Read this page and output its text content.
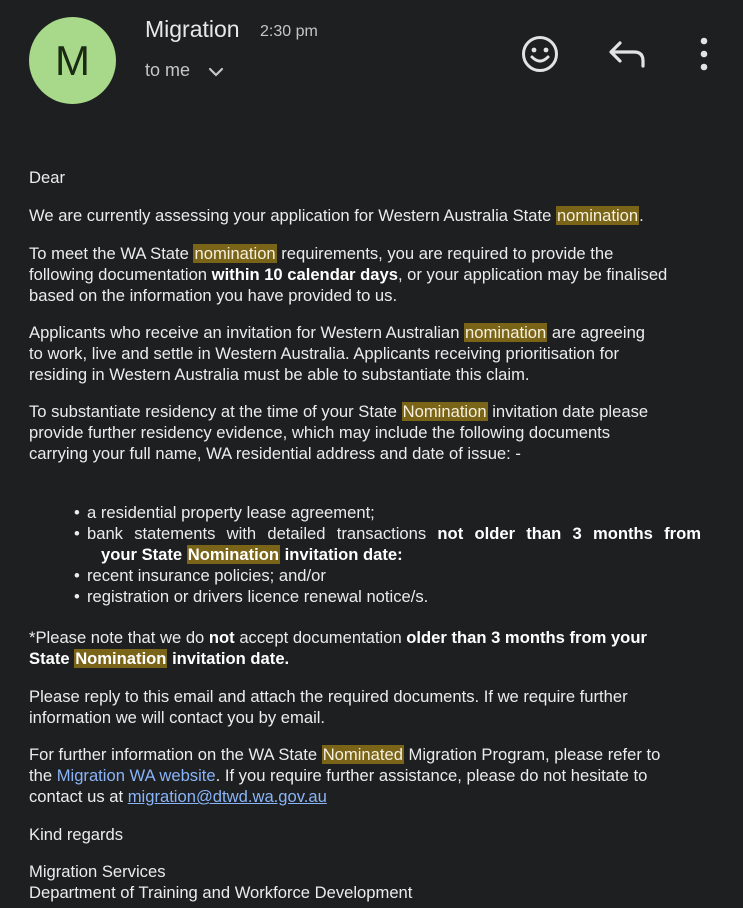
M
Migration 2:30 pm
to me
Dear
We are currently assessing your application for Western Australia State nomination.
To meet the WA State nomination requirements, you are required to provide the
following documentation within 10 calendar days, or your application may be finalised
based on the information you have provided to us.
Applicants who receive an invitation for Western Australian nomination are agreeing
to work, live and settle in Western Australia. Applicants receiving prioritisation for
residing in Western Australia must be able to substantiate this claim.
To substantiate residency at the time of your State Nomination invitation date please
provide further residency evidence, which may include the following documents
carrying your full name, WA residential address and date of issue: -
• a residential property lease agreement;
• bank statements with detailed transactions not older than 3 months from
your State Nomination invitation date:
• recent insurance policies; and/or
• registration or drivers licence renewal notice/s.
*Please note that we do not accept documentation older than 3 months from your
State Nomination invitation date.
Please reply to this email and attach the required documents. If we require further
information we will contact you by email.
For further information on the WA State Nominated Migration Program, please refer to
the Migration WA website. If you require further assistance, please do not hesitate to
contact us at migration@dtwd.wa.gov.au
Kind regards
Migration Services
Department of Training and Workforce Development
